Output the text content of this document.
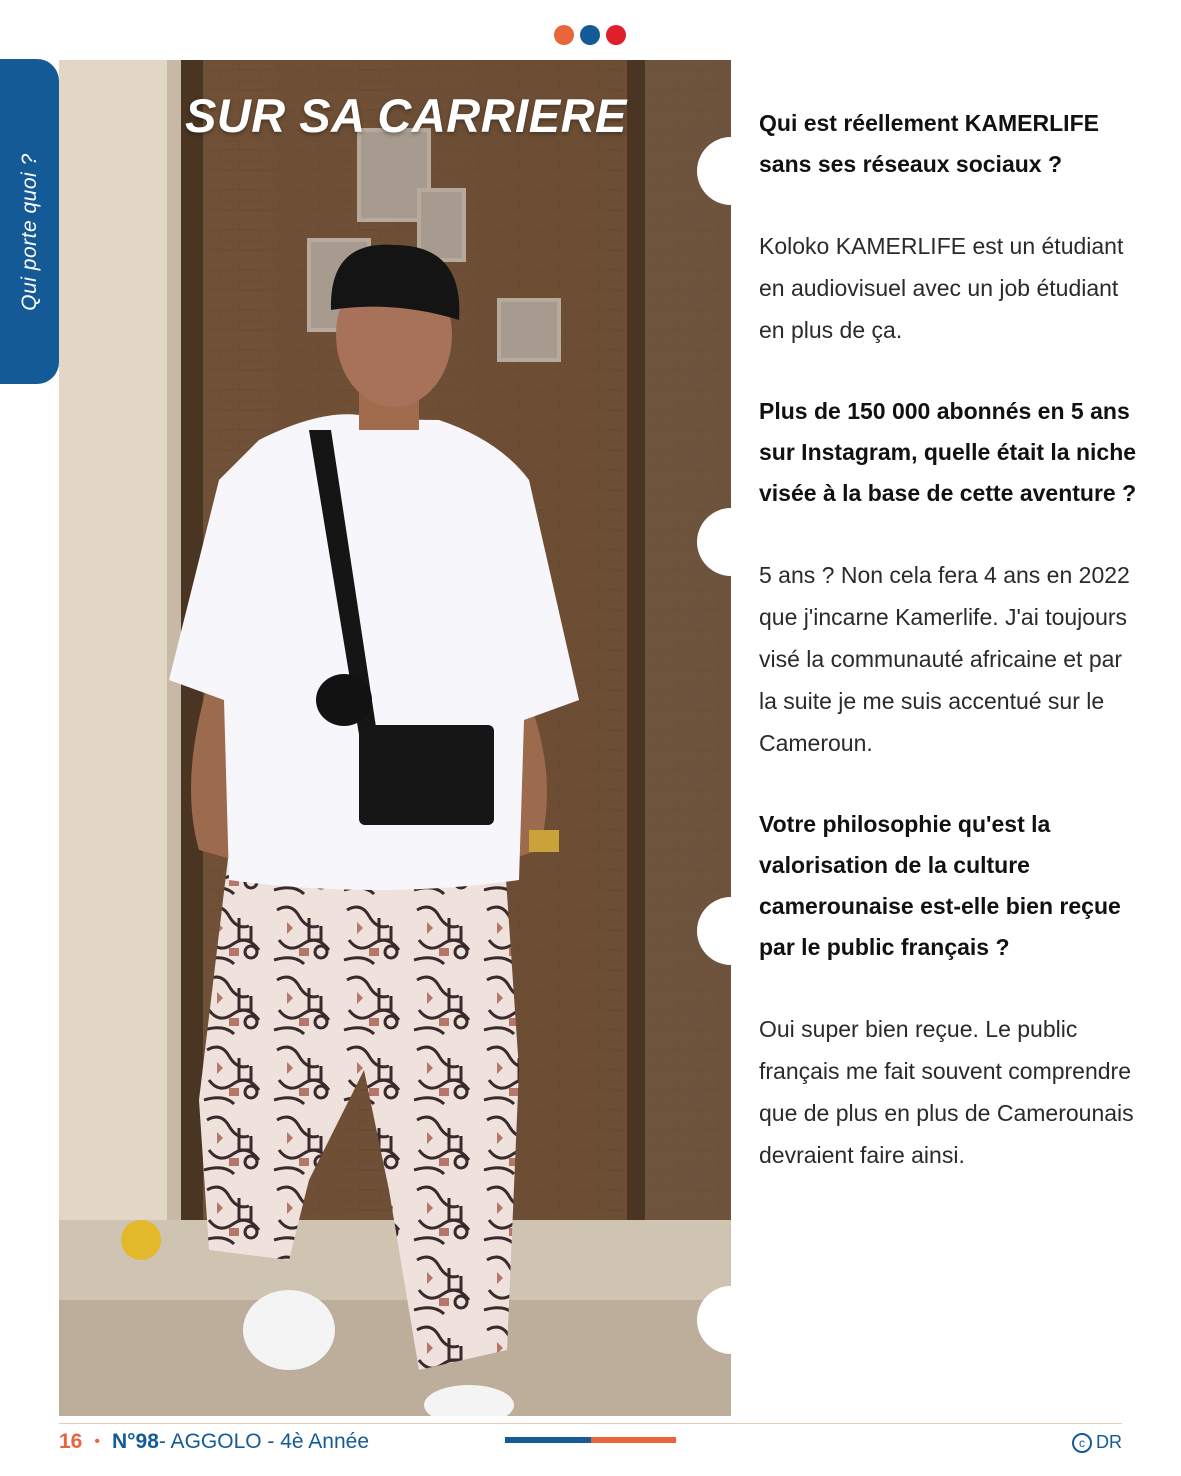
Qui porte quoi ?
SUR SA CARRIERE	Qui est réellement KAMERLIFE sans ses réseaux sociaux ?

Koloko KAMERLIFE est un étudiant en audiovisuel avec un job étudiant en plus de ça.

Plus de 150 000 abonnés en 5 ans sur Instagram, quelle était la niche visée à la base de cette aventure ?

5 ans ? Non cela fera 4 ans en 2022 que j'incarne Kamerlife. J'ai toujours visé la communauté africaine et par la suite je me suis accentué sur le Cameroun.

Votre philosophie qu'est la valorisation de la culture camerounaise est-elle bien reçue par le public français ?

Oui super bien reçue. Le public français me fait souvent comprendre que de plus en plus de Camerounais devraient faire ainsi.

16 • N°98 - AGGOLO - 4è Année	c DR
